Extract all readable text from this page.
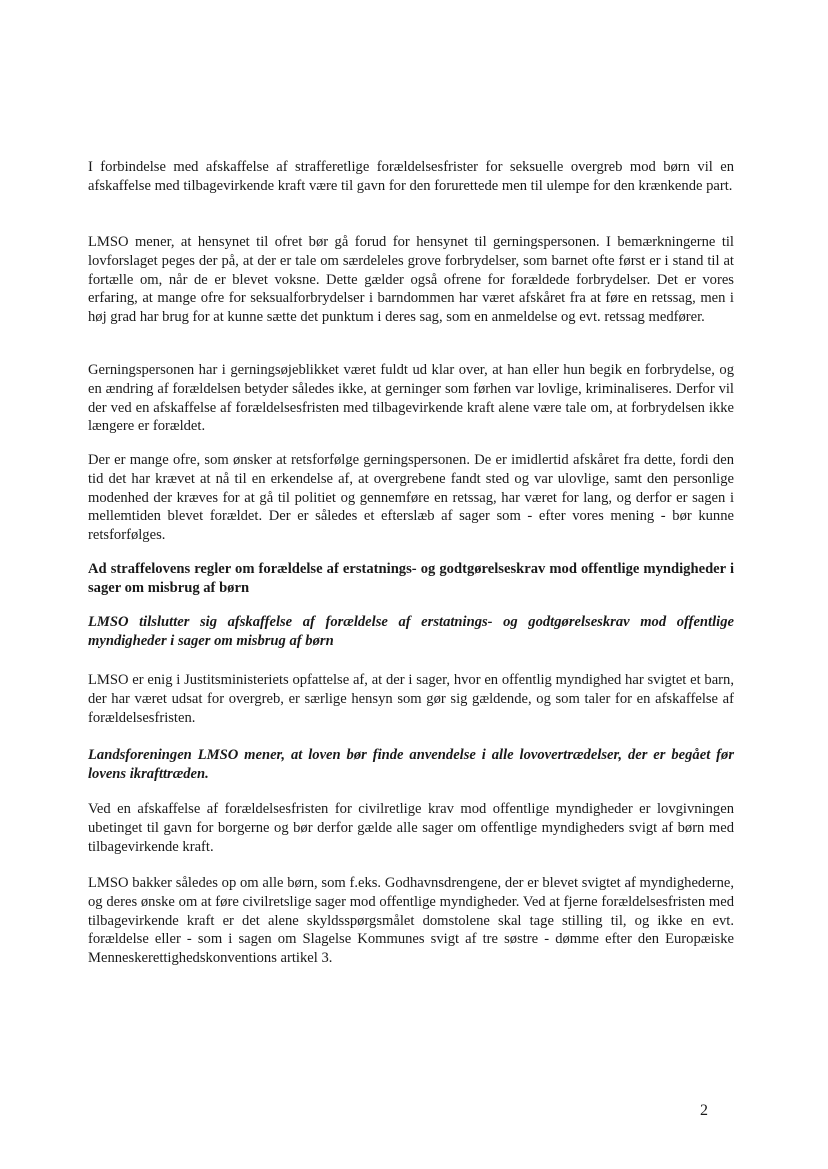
I forbindelse med afskaffelse af strafferetlige forældelsesfrister for seksuelle overgreb mod børn vil en afskaffelse med tilbagevirkende kraft være til gavn for den forurettede men til ulempe for den krænkende part.

LMSO mener, at hensynet til ofret bør gå forud for hensynet til gerningspersonen. I bemærkningerne til lovforslaget peges der på, at der er tale om særdeleles grove forbrydelser, som barnet ofte først er i stand til at fortælle om, når de er blevet voksne. Dette gælder også ofrene for forældede forbrydelser. Det er vores erfaring, at mange ofre for seksualforbrydelser i barndommen har været afskåret fra at føre en retssag, men i høj grad har brug for at kunne sætte det punktum i deres sag, som en anmeldelse og evt. retssag medfører.

Gerningspersonen har i gerningsøjeblikket været fuldt ud klar over, at han eller hun begik en forbrydelse, og en ændring af forældelsen betyder således ikke, at gerninger som førhen var lovlige, kriminaliseres. Derfor vil der ved en afskaffelse af forældelsesfristen med tilbagevirkende kraft alene være tale om, at forbrydelsen ikke længere er forældet.

Der er mange ofre, som ønsker at retsforfølge gerningspersonen. De er imidlertid afskåret fra dette, fordi den tid det har krævet at nå til en erkendelse af, at overgrebene fandt sted og var ulovlige, samt den personlige modenhed der kræves for at gå til politiet og gennemføre en retssag, har været for lang, og derfor er sagen i mellemtiden blevet forældet. Der er således et efterslæb af sager som - efter vores mening - bør kunne retsforfølges.

Ad straffelovens regler om forældelse af erstatnings- og godtgørelseskrav mod offentlige myndigheder i sager om misbrug af børn

LMSO tilslutter sig afskaffelse af forældelse af erstatnings- og godtgørelseskrav mod offentlige myndigheder i sager om misbrug af børn

LMSO er enig i Justitsministeriets opfattelse af, at der i sager, hvor en offentlig myndighed har svigtet et barn, der har været udsat for overgreb, er særlige hensyn som gør sig gældende, og som taler for en afskaffelse af forældelsesfristen.

Landsforeningen LMSO mener, at loven bør finde anvendelse i alle lovovertrædelser, der er begået før lovens ikrafttræden.

Ved en afskaffelse af forældelsesfristen for civilretlige krav mod offentlige myndigheder er lovgivningen ubetinget til gavn for borgerne og bør derfor gælde alle sager om offentlige myndigheders svigt af børn med tilbagevirkende kraft.

LMSO bakker således op om alle børn, som f.eks. Godhavnsdrengene, der er blevet svigtet af myndighederne, og deres ønske om at føre civilretslige sager mod offentlige myndigheder. Ved at fjerne forældelsesfristen med tilbagevirkende kraft er det alene skyldsspørgsmålet domstolene skal tage stilling til, og ikke en evt. forældelse eller - som i sagen om Slagelse Kommunes svigt af tre søstre - dømme efter den Europæiske Menneskerettighedskonventions artikel 3.

2
